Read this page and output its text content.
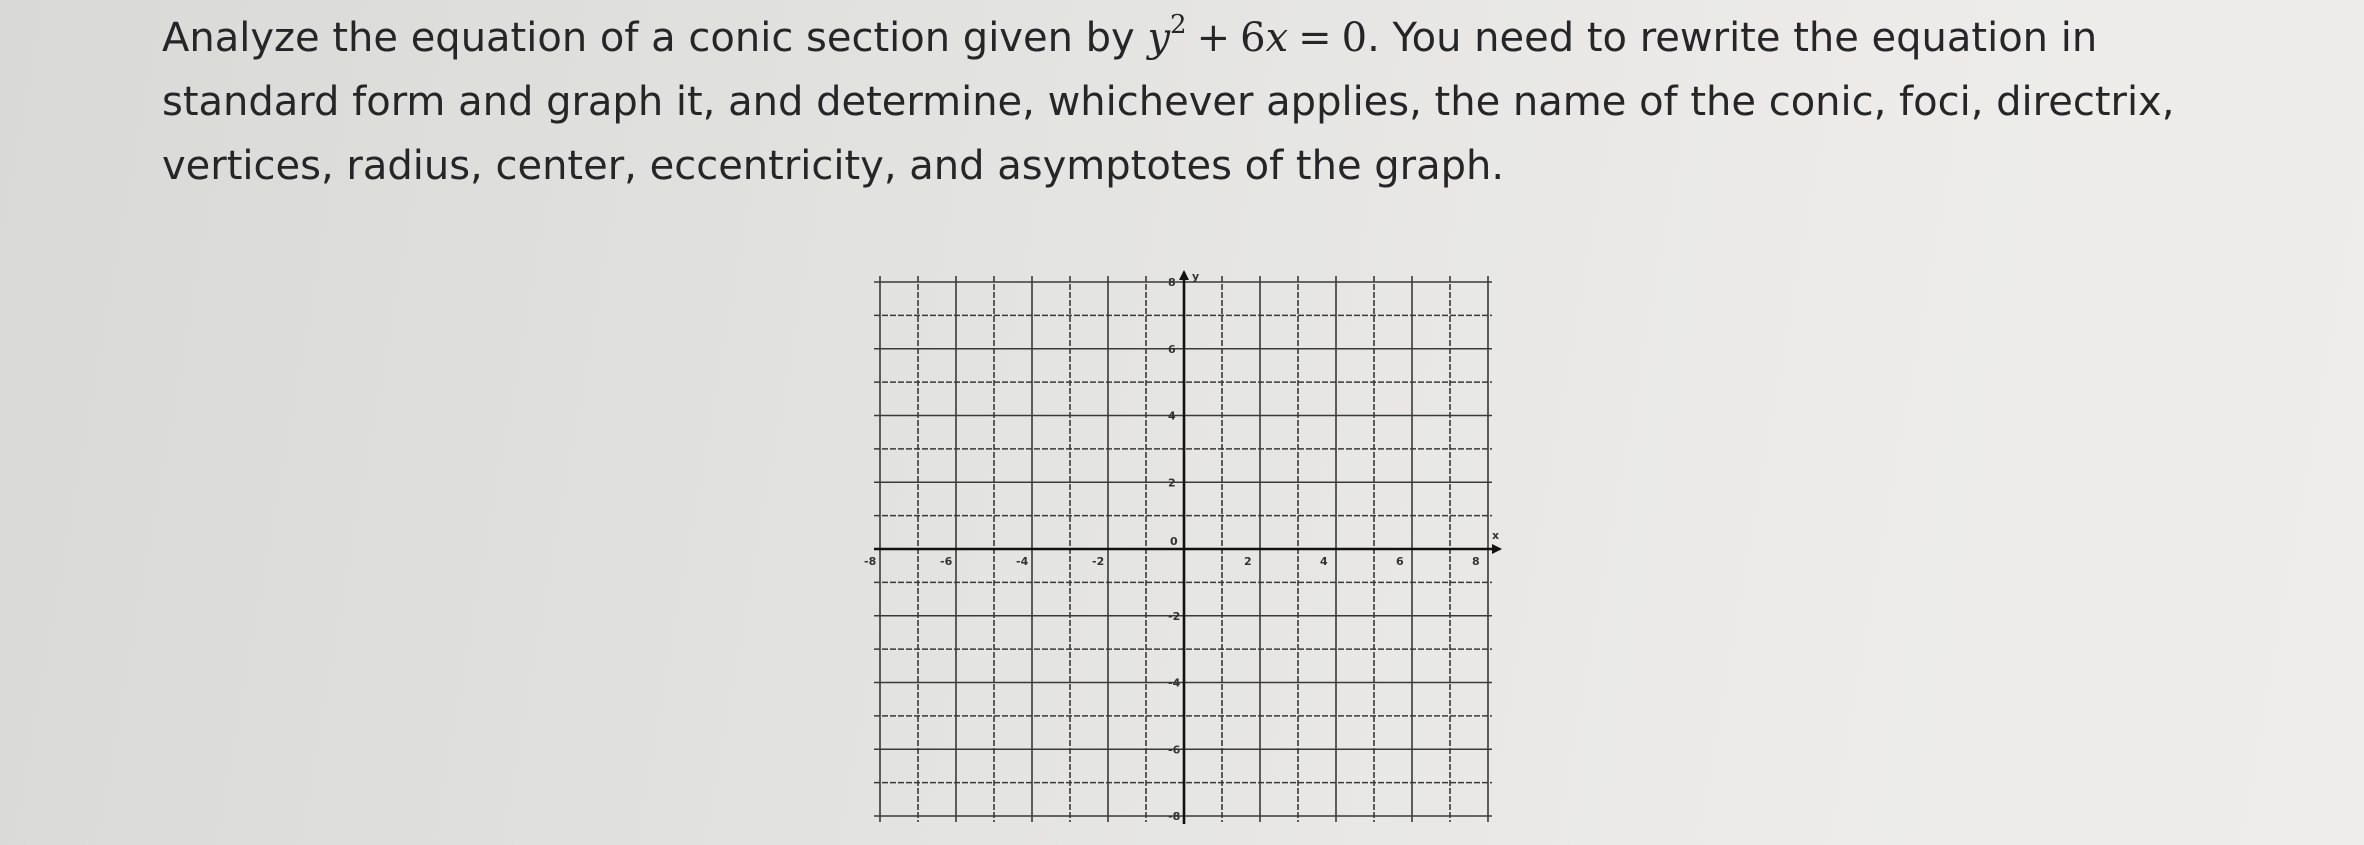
Analyze the equation of a conic section given by $y^2 + 6x = 0$. You need to rewrite the equation in standard form and graph it, and determine, whichever applies, the name of the conic, foci, directrix, vertices, radius, center, eccentricity, and asymptotes of the graph.

-8	-6	-4	-2	2	4	6	8
8
6
4
2
-2
-4
-6
-8
0	x
y
